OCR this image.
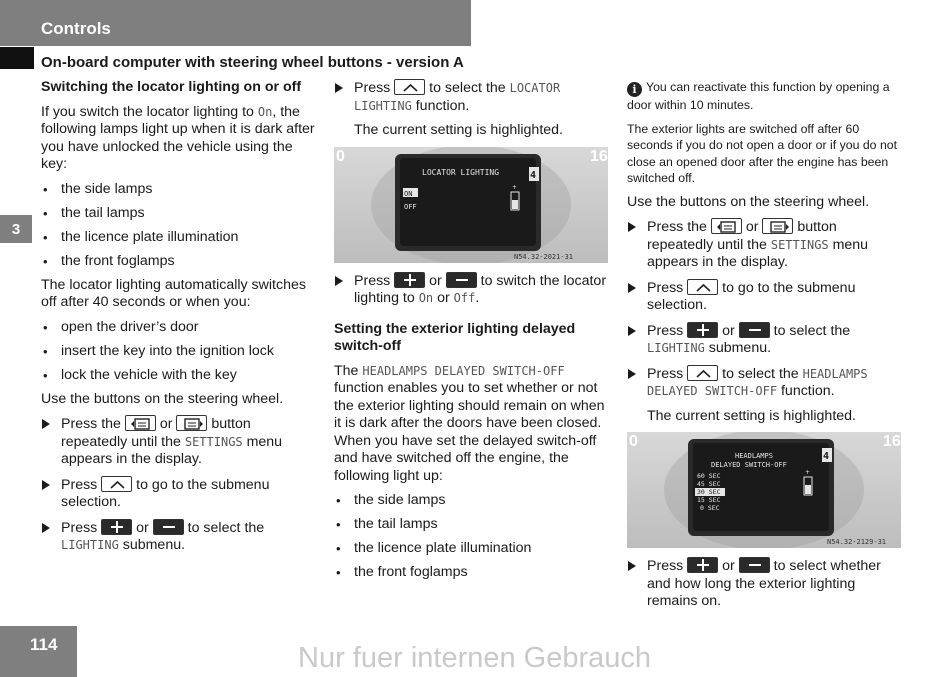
Controls
On-board computer with steering wheel buttons - version A
3
Switching the locator lighting on or off
If you switch the locator lighting to On, the following lamps light up when it is dark after you have unlocked the vehicle using the key:
• the side lamps
• the tail lamps
• the licence plate illumination
• the front foglamps
The locator lighting automatically switches off after 40 seconds or when you:
• open the driver’s door
• insert the key into the ignition lock
• lock the vehicle with the key
Use the buttons on the steering wheel.
Press the
or
button repeatedly until the SETTINGS menu appears in the display.
Press
to go to the submenu selection.
Press  or  to select the LIGHTING submenu.
Press
to select the LOCATOR LIGHTING function.
The current setting is highlighted.
0	16
LOCATOR LIGHTING
ON
OFF
4
+
N54.32-2021-31
Press  or  to switch the locator lighting to On or Off.
Setting the exterior lighting delayed switch-off
The HEADLAMPS DELAYED SWITCH-OFF function enables you to set whether or not the exterior lighting should remain on when it is dark after the doors have been closed. When you have set the delayed switch-off and have switched off the engine, the following light up:
• the side lamps
• the tail lamps
• the licence plate illumination
• the front foglamps
i You can reactivate this function by opening a door within 10 minutes.
The exterior lights are switched off after 60 seconds if you do not open a door or if you do not close an opened door after the engine has been switched off.
Use the buttons on the steering wheel.
Press the
or
button repeatedly until the SETTINGS menu appears in the display.
Press
to go to the submenu selection.
Press  or  to select the LIGHTING submenu.
Press
to select the HEADLAMPS DELAYED SWITCH-OFF function.
The current setting is highlighted.
0	16
HEADLAMPS
DELAYED SWITCH-OFF
60 SEC
45 SEC
30 SEC
15 SEC
0 SEC
4
+
N54.32-2129-31
Press  or  to select whether and how long the exterior lighting remains on.
114	Nur fuer internen Gebrauch
